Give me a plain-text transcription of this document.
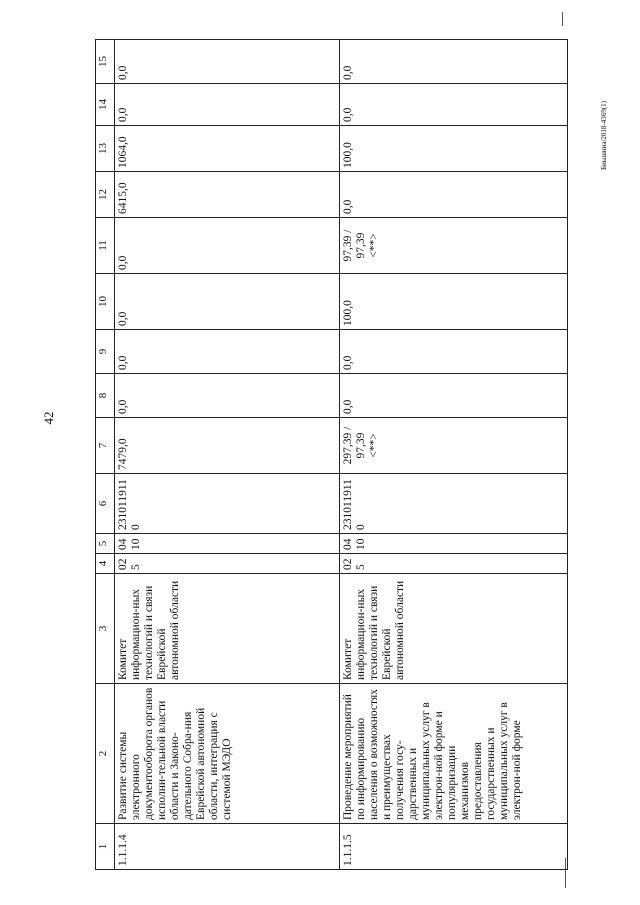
42
Биышина/2018-4369(1)
1	2	3	4	5	6	7	8	9	10	11	12	13	14	15
1.1.1.4	Развитие системы электронного документооборота органов исполни-тельной власти области и Законо-дательного Собра-ния Еврейской автономной области, интеграция с системой МЭДО	Комитет информацион-ных технологий и связи Еврейской автономной области	025	0410	2310119110	7479,0	0,0	0,0	0,0	0,0	6415,0	1064,0	0,0	0,0
1.1.1.5	Проведение мероприятий по информированию населения о возможностях и преимуществах получения госу-дарственных и муниципальных услуг в электрон-ной форме и популяризации механизмов предоставления государственных и муниципальных услуг в электрон-ной форме	Комитет информацион-ных технологий и связи Еврейской автономной области	025	0410	2310119110	297,39 / 97,39 <**>	0,0	0,0	100,0	97,39 / 97,39 <**>	0,0	100,0	0,0	0,0
